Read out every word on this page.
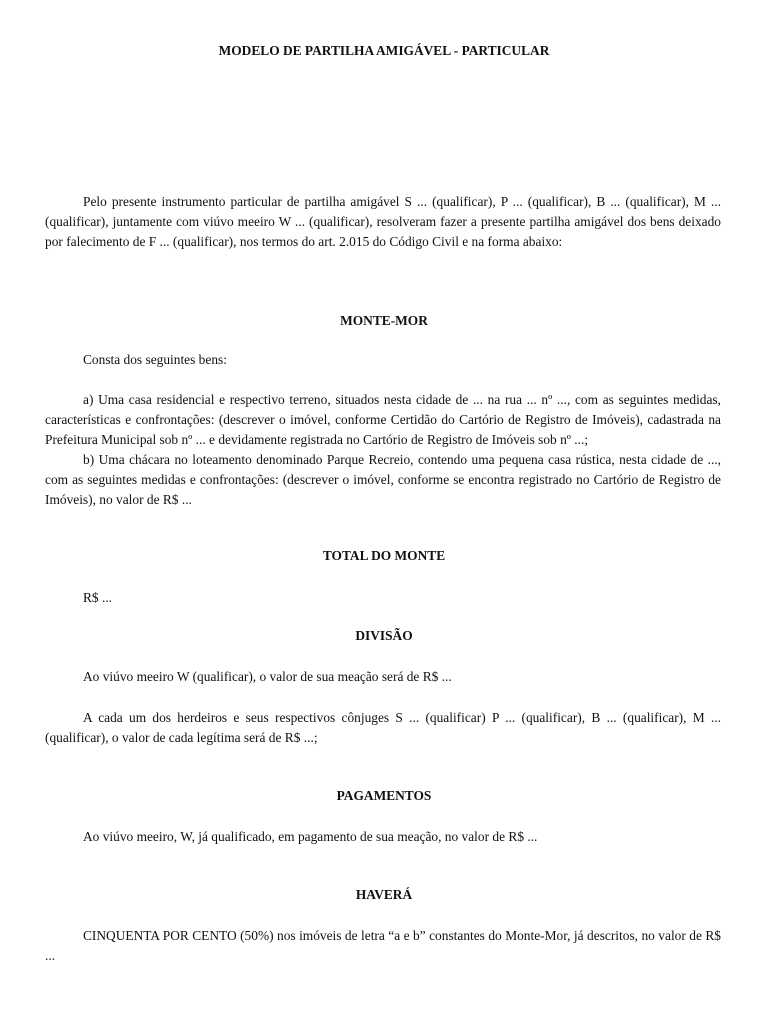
MODELO DE PARTILHA AMIGÁVEL - PARTICULAR

Pelo presente instrumento particular de partilha amigável S ... (qualificar), P ... (qualificar), B ... (qualificar), M ... (qualificar), juntamente com viúvo meeiro W ... (qualificar), resolveram fazer a presente partilha amigável dos bens deixado por falecimento de F ... (qualificar), nos termos do art. 2.015 do Código Civil e na forma abaixo:

MONTE-MOR

Consta dos seguintes bens:

a) Uma casa residencial e respectivo terreno, situados nesta cidade de ... na rua ... nº ..., com as seguintes medidas, características e confrontações: (descrever o imóvel, conforme Certidão do Cartório de Registro de Imóveis), cadastrada na Prefeitura Municipal sob nº ... e devidamente registrada no Cartório de Registro de Imóveis sob nº ...;

b) Uma chácara no loteamento denominado Parque Recreio, contendo uma pequena casa rústica, nesta cidade de ..., com as seguintes medidas e confrontações: (descrever o imóvel, conforme se encontra registrado no Cartório de Registro de Imóveis), no valor de R$ ...

TOTAL DO MONTE

R$ ...

DIVISÃO

Ao viúvo meeiro W (qualificar), o valor de sua meação será de R$ ...

A cada um dos herdeiros e seus respectivos cônjuges S ... (qualificar) P ... (qualificar), B ... (qualificar), M ... (qualificar), o valor de cada legítima será de R$ ...;

PAGAMENTOS

Ao viúvo meeiro, W, já qualificado, em pagamento de sua meação, no valor de R$ ...

HAVERÁ

CINQUENTA POR CENTO (50%) nos imóveis de letra “a e b” constantes do Monte-Mor, já descritos, no valor de R$ ...
